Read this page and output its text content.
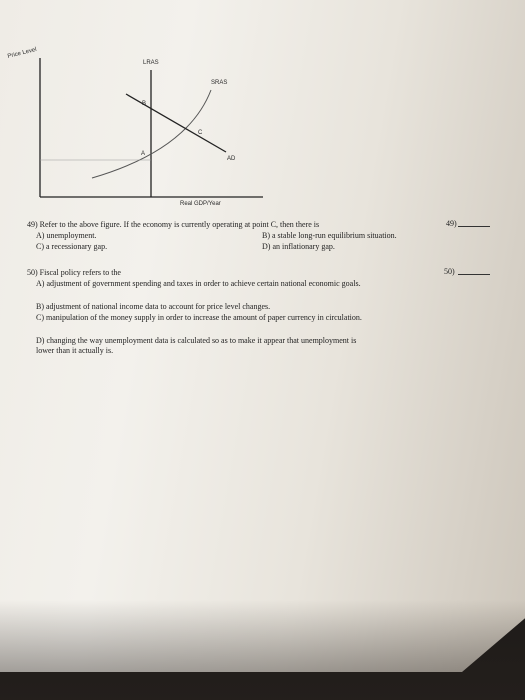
Price Level
LRAS
SRAS
AD
A
B
C
Real GDP/Year
49) Refer to the above figure. If the economy is currently operating at point C, then there is	49)
A) unemployment.	B) a stable long-run equilibrium situation.
C) a recessionary gap.	D) an inflationary gap.
50) Fiscal policy refers to the	50)
A) adjustment of government spending and taxes in order to achieve certain national economic goals.
B) adjustment of national income data to account for price level changes.
C) manipulation of the money supply in order to increase the amount of paper currency in circulation.
D) changing the way unemployment data is calculated so as to make it appear that unemployment is lower than it actually is.
